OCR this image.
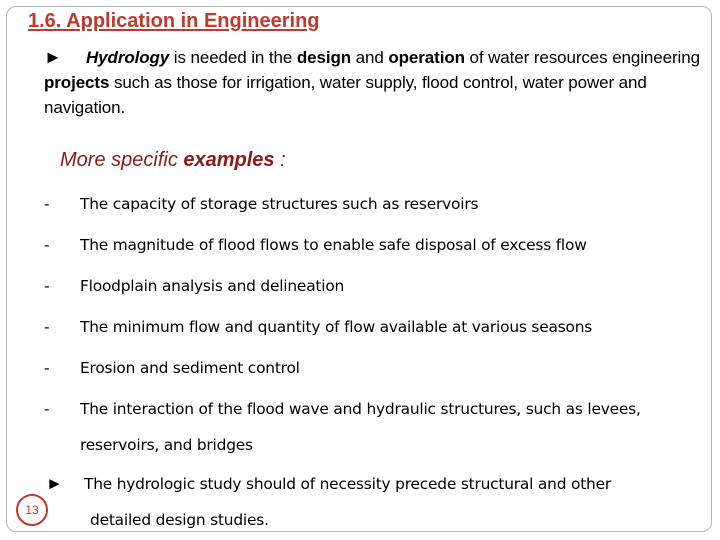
1.6. Application in Engineering
► Hydrology is needed in the design and operation of water resources engineering projects such as those for irrigation, water supply, flood control, water power and navigation.
More specific examples :
-	The capacity of storage structures such as reservoirs
-	The magnitude of flood flows to enable safe disposal of excess flow
-	Floodplain analysis and delineation
-	The minimum flow and quantity of flow available at various seasons
-	Erosion and sediment control
-	The interaction of the flood wave and hydraulic structures, such as levees, reservoirs, and bridges
► The hydrologic study should of necessity precede structural and other
detailed design studies.
13
